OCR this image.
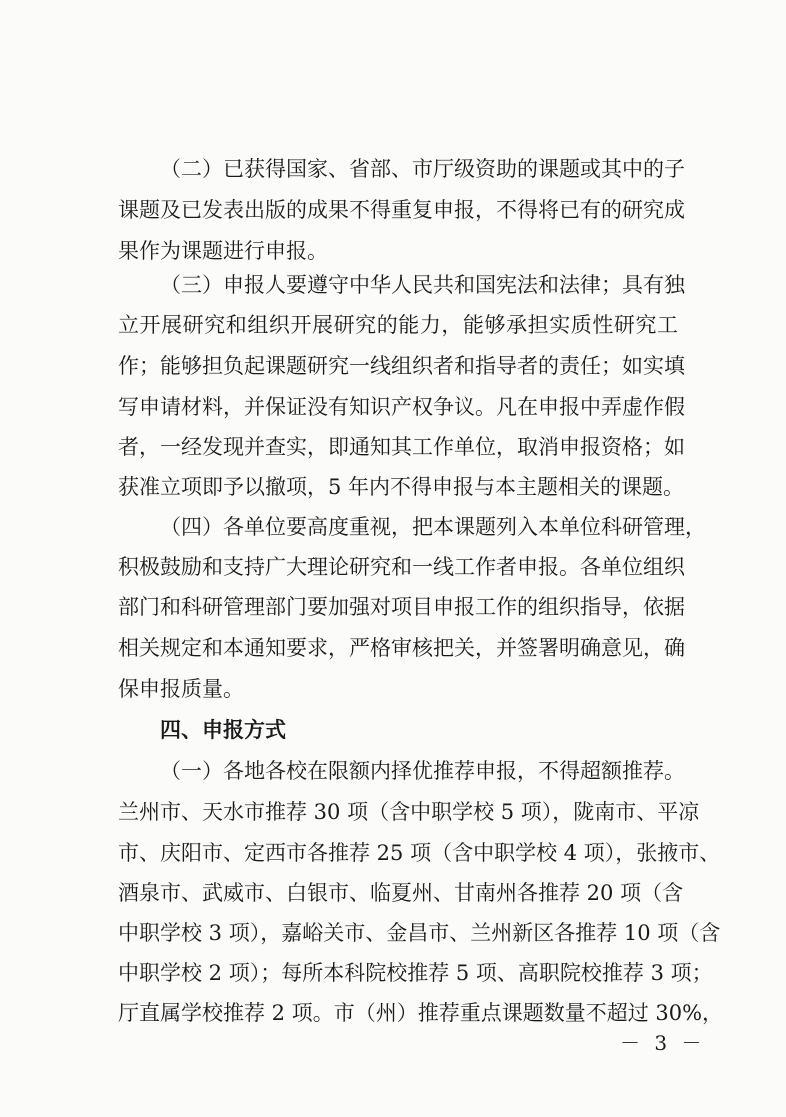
（二）已获得国家、省部、市厅级资助的课题或其中的子
课题及已发表出版的成果不得重复申报，不得将已有的研究成
果作为课题进行申报。
（三）申报人要遵守中华人民共和国宪法和法律；具有独
立开展研究和组织开展研究的能力，能够承担实质性研究工
作；能够担负起课题研究一线组织者和指导者的责任；如实填
写申请材料，并保证没有知识产权争议。凡在申报中弄虚作假
者，一经发现并查实，即通知其工作单位，取消申报资格；如
获准立项即予以撤项，5 年内不得申报与本主题相关的课题。
（四）各单位要高度重视，把本课题列入本单位科研管理，
积极鼓励和支持广大理论研究和一线工作者申报。各单位组织
部门和科研管理部门要加强对项目申报工作的组织指导，依据
相关规定和本通知要求，严格审核把关，并签署明确意见，确
保申报质量。
四、申报方式
（一）各地各校在限额内择优推荐申报，不得超额推荐。
兰州市、天水市推荐 30 项（含中职学校 5 项），陇南市、平凉
市、庆阳市、定西市各推荐 25 项（含中职学校 4 项），张掖市、
酒泉市、武威市、白银市、临夏州、甘南州各推荐 20 项（含
中职学校 3 项），嘉峪关市、金昌市、兰州新区各推荐 10 项（含
中职学校 2 项）；每所本科院校推荐 5 项、高职院校推荐 3 项；
厅直属学校推荐 2 项。市（州）推荐重点课题数量不超过 30%，
－ 3 －
